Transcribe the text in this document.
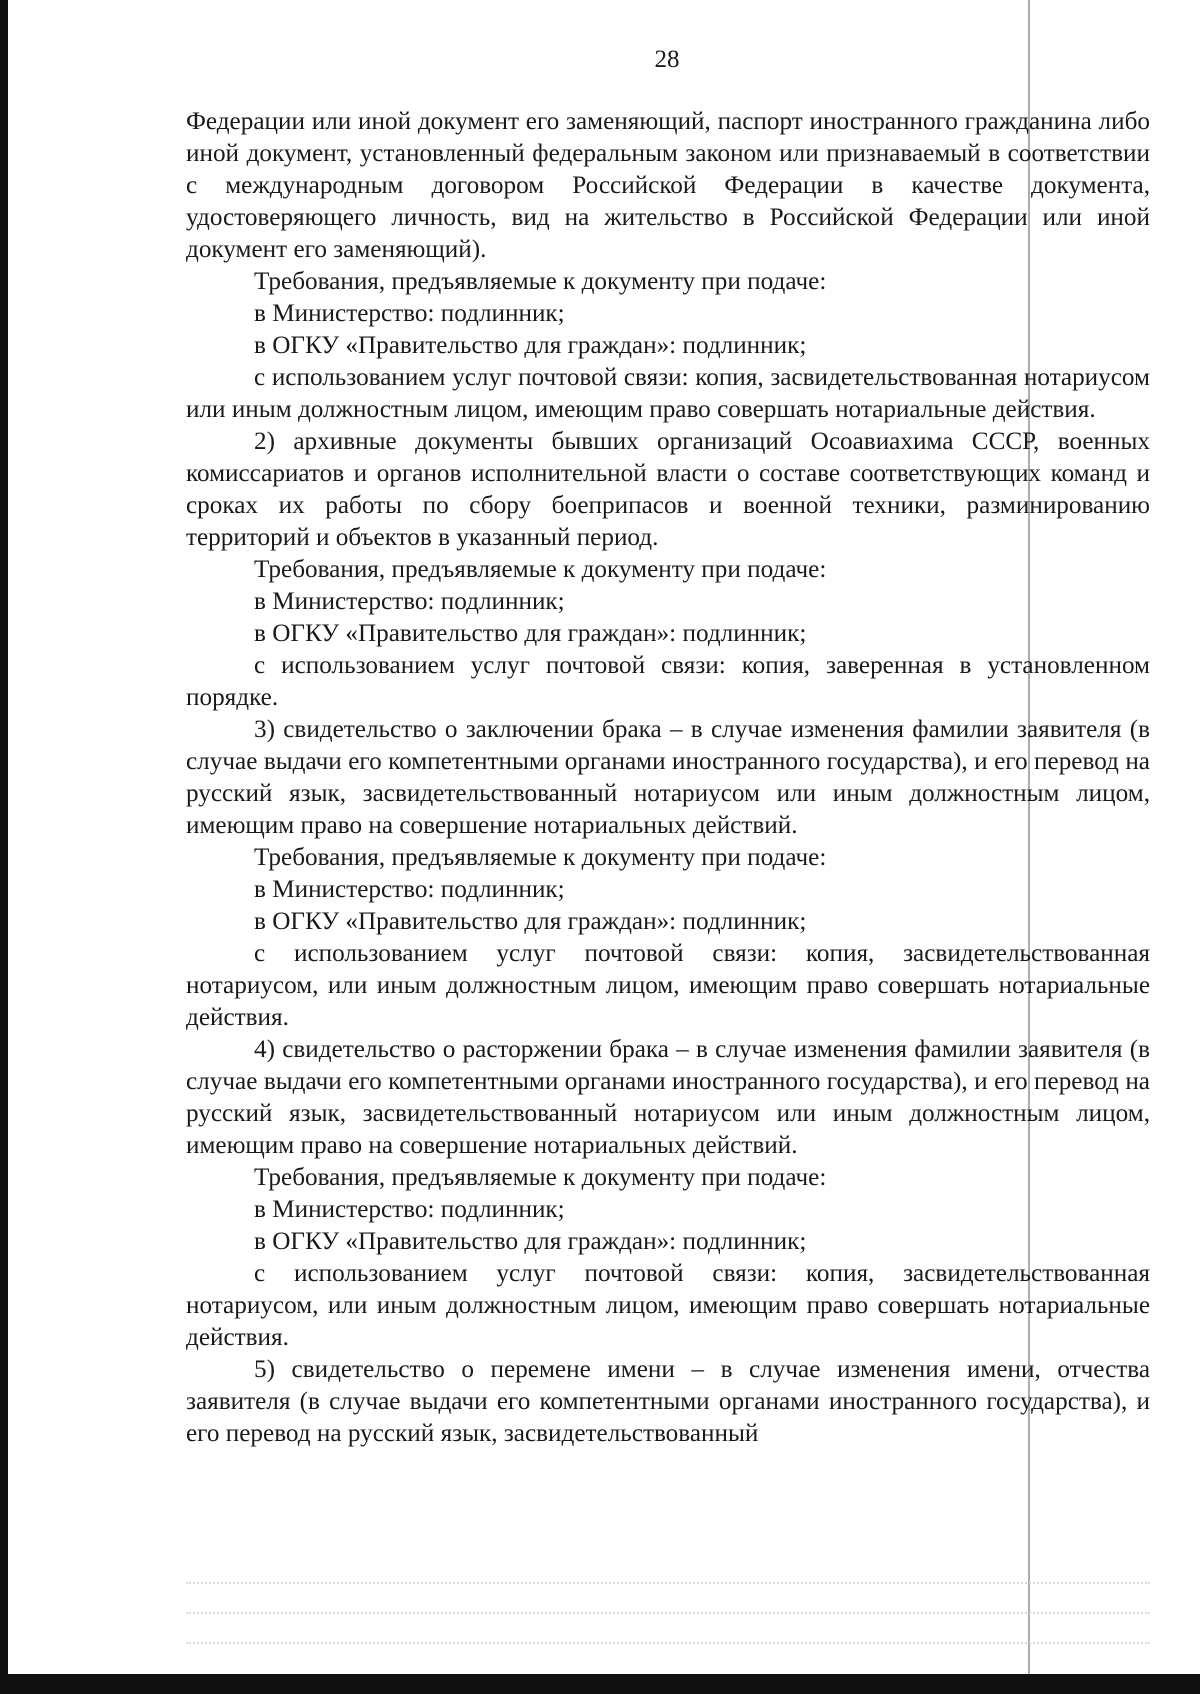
28

Федерации или иной документ его заменяющий, паспорт иностранного гражданина либо иной документ, установленный федеральным законом или признаваемый в соответствии с международным договором Российской Федерации в качестве документа, удостоверяющего личность, вид на жительство в Российской Федерации или иной документ его заменяющий).

Требования, предъявляемые к документу при подаче:

в Министерство: подлинник;

в ОГКУ «Правительство для граждан»: подлинник;

с использованием услуг почтовой связи: копия, засвидетельствованная нотариусом или иным должностным лицом, имеющим право совершать нотариальные действия.

2) архивные документы бывших организаций Осоавиахима СССР, военных комиссариатов и органов исполнительной власти о составе соответствующих команд и сроках их работы по сбору боеприпасов и военной техники, разминированию территорий и объектов в указанный период.

Требования, предъявляемые к документу при подаче:

в Министерство: подлинник;

в ОГКУ «Правительство для граждан»: подлинник;

с использованием услуг почтовой связи: копия, заверенная в установленном порядке.

3) свидетельство о заключении брака – в случае изменения фамилии заявителя (в случае выдачи его компетентными органами иностранного государства), и его перевод на русский язык, засвидетельствованный нотариусом или иным должностным лицом, имеющим право на совершение нотариальных действий.

Требования, предъявляемые к документу при подаче:

в Министерство: подлинник;

в ОГКУ «Правительство для граждан»: подлинник;

с использованием услуг почтовой связи: копия, засвидетельствованная нотариусом, или иным должностным лицом, имеющим право совершать нотариальные действия.

4) свидетельство о расторжении брака – в случае изменения фамилии заявителя (в случае выдачи его компетентными органами иностранного государства), и его перевод на русский язык, засвидетельствованный нотариусом или иным должностным лицом, имеющим право на совершение нотариальных действий.

Требования, предъявляемые к документу при подаче:

в Министерство: подлинник;

в ОГКУ «Правительство для граждан»: подлинник;

с использованием услуг почтовой связи: копия, засвидетельствованная нотариусом, или иным должностным лицом, имеющим право совершать нотариальные действия.

5) свидетельство о перемене имени – в случае изменения имени, отчества заявителя (в случае выдачи его компетентными органами иностранного государства), и его перевод на русский язык, засвидетельствованный
